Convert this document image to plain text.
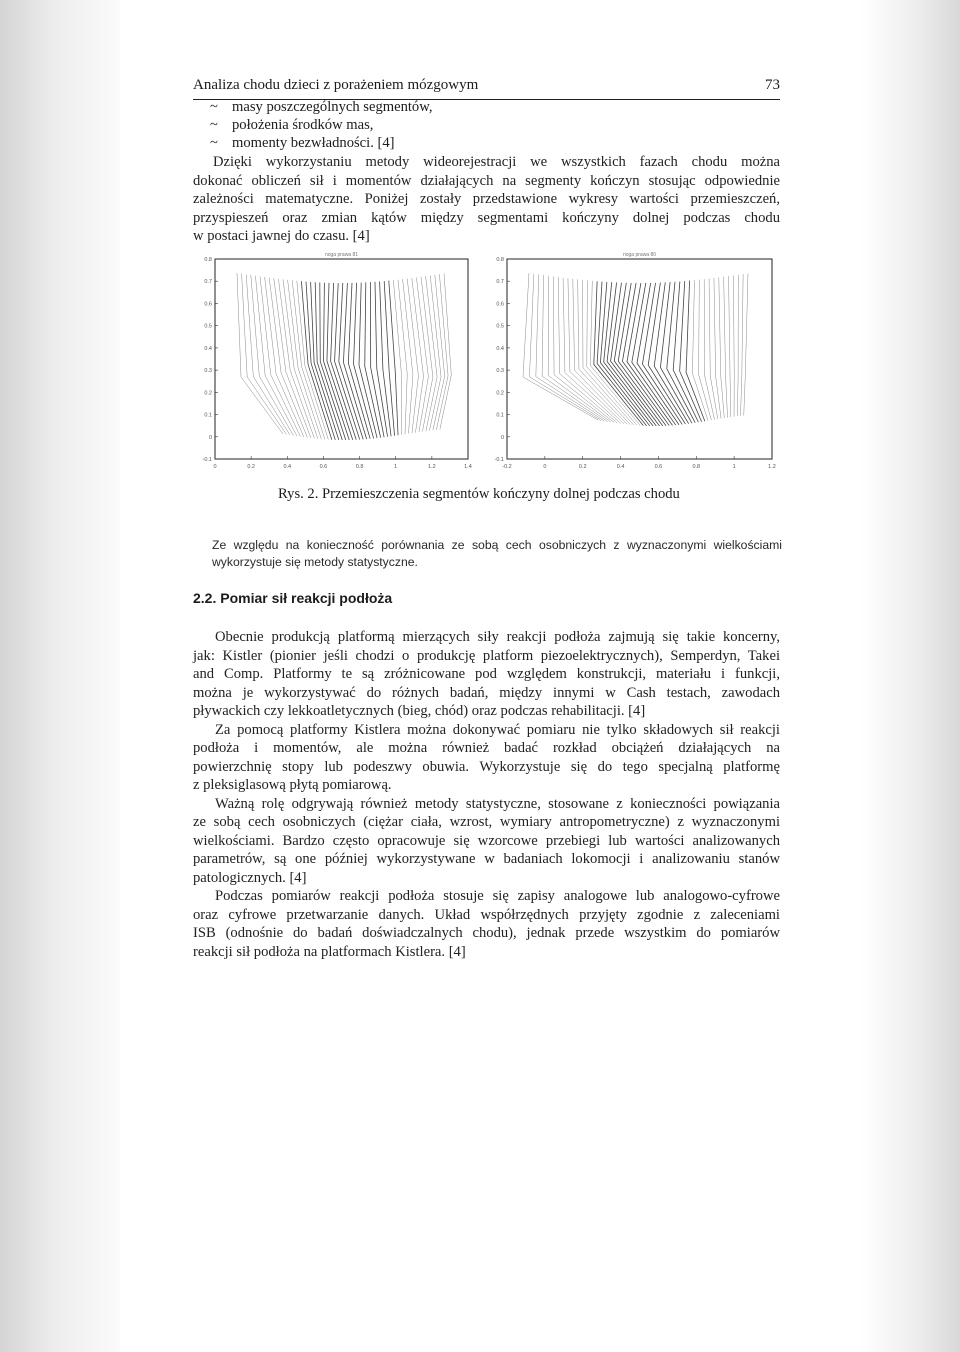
Analiza chodu dzieci z porażeniem mózgowym	73
~ masy poszczególnych segmentów,
~ położenia środków mas,
~ momenty bezwładności. [4]
Dzięki wykorzystaniu metody wideorejestracji we wszystkich fazach chodu można
dokonać obliczeń sił i momentów działających na segmenty kończyn stosując odpowiednie
zależności matematyczne. Poniżej zostały przedstawione wykresy wartości przemieszczeń,
przyspieszeń oraz zmian kątów między segmentami kończyny dolnej podczas chodu
w postaci jawnej do czasu. [4]
noga prawa 81
0.8
0.7
0.6
0.5
0.4
0.3
0.2
0.1
0
-0.1
0	0.2	0.4	0.6	0.8	1	1.2	1.4
noga prawa 80
0.8
0.7
0.6
0.5
0.4
0.3
0.2
0.1
0
-0.1
-0.2	0	0.2	0.4	0.6	0.8	1	1.2
Rys. 2. Przemieszczenia segmentów kończyny dolnej podczas chodu
Ze względu na konieczność porównania ze sobą cech osobniczych z wyznaczonymi wielkościami
wykorzystuje się metody statystyczne.
2.2. Pomiar sił reakcji podłoża
Obecnie produkcją platformą mierzących siły reakcji podłoża zajmują się takie koncerny,
jak: Kistler (pionier jeśli chodzi o produkcję platform piezoelektrycznych), Semperdyn, Takei
and Comp. Platformy te są zróżnicowane pod względem konstrukcji, materiału i funkcji,
można je wykorzystywać do różnych badań, między innymi w Cash testach, zawodach
pływackich czy lekkoatletycznych (bieg, chód) oraz podczas rehabilitacji. [4]
Za pomocą platformy Kistlera można dokonywać pomiaru nie tylko składowych sił reakcji
podłoża i momentów, ale można również badać rozkład obciążeń działających na
powierzchnię stopy lub podeszwy obuwia. Wykorzystuje się do tego specjalną platformę
z pleksiglasową płytą pomiarową.
Ważną rolę odgrywają również metody statystyczne, stosowane z konieczności powiązania
ze sobą cech osobniczych (ciężar ciała, wzrost, wymiary antropometryczne) z wyznaczonymi
wielkościami. Bardzo często opracowuje się wzorcowe przebiegi lub wartości analizowanych
parametrów, są one później wykorzystywane w badaniach lokomocji i analizowaniu stanów
patologicznych. [4]
Podczas pomiarów reakcji podłoża stosuje się zapisy analogowe lub analogowo-cyfrowe
oraz cyfrowe przetwarzanie danych. Układ współrzędnych przyjęty zgodnie z zaleceniami
ISB (odnośnie do badań doświadczalnych chodu), jednak przede wszystkim do pomiarów
reakcji sił podłoża na platformach Kistlera. [4]
